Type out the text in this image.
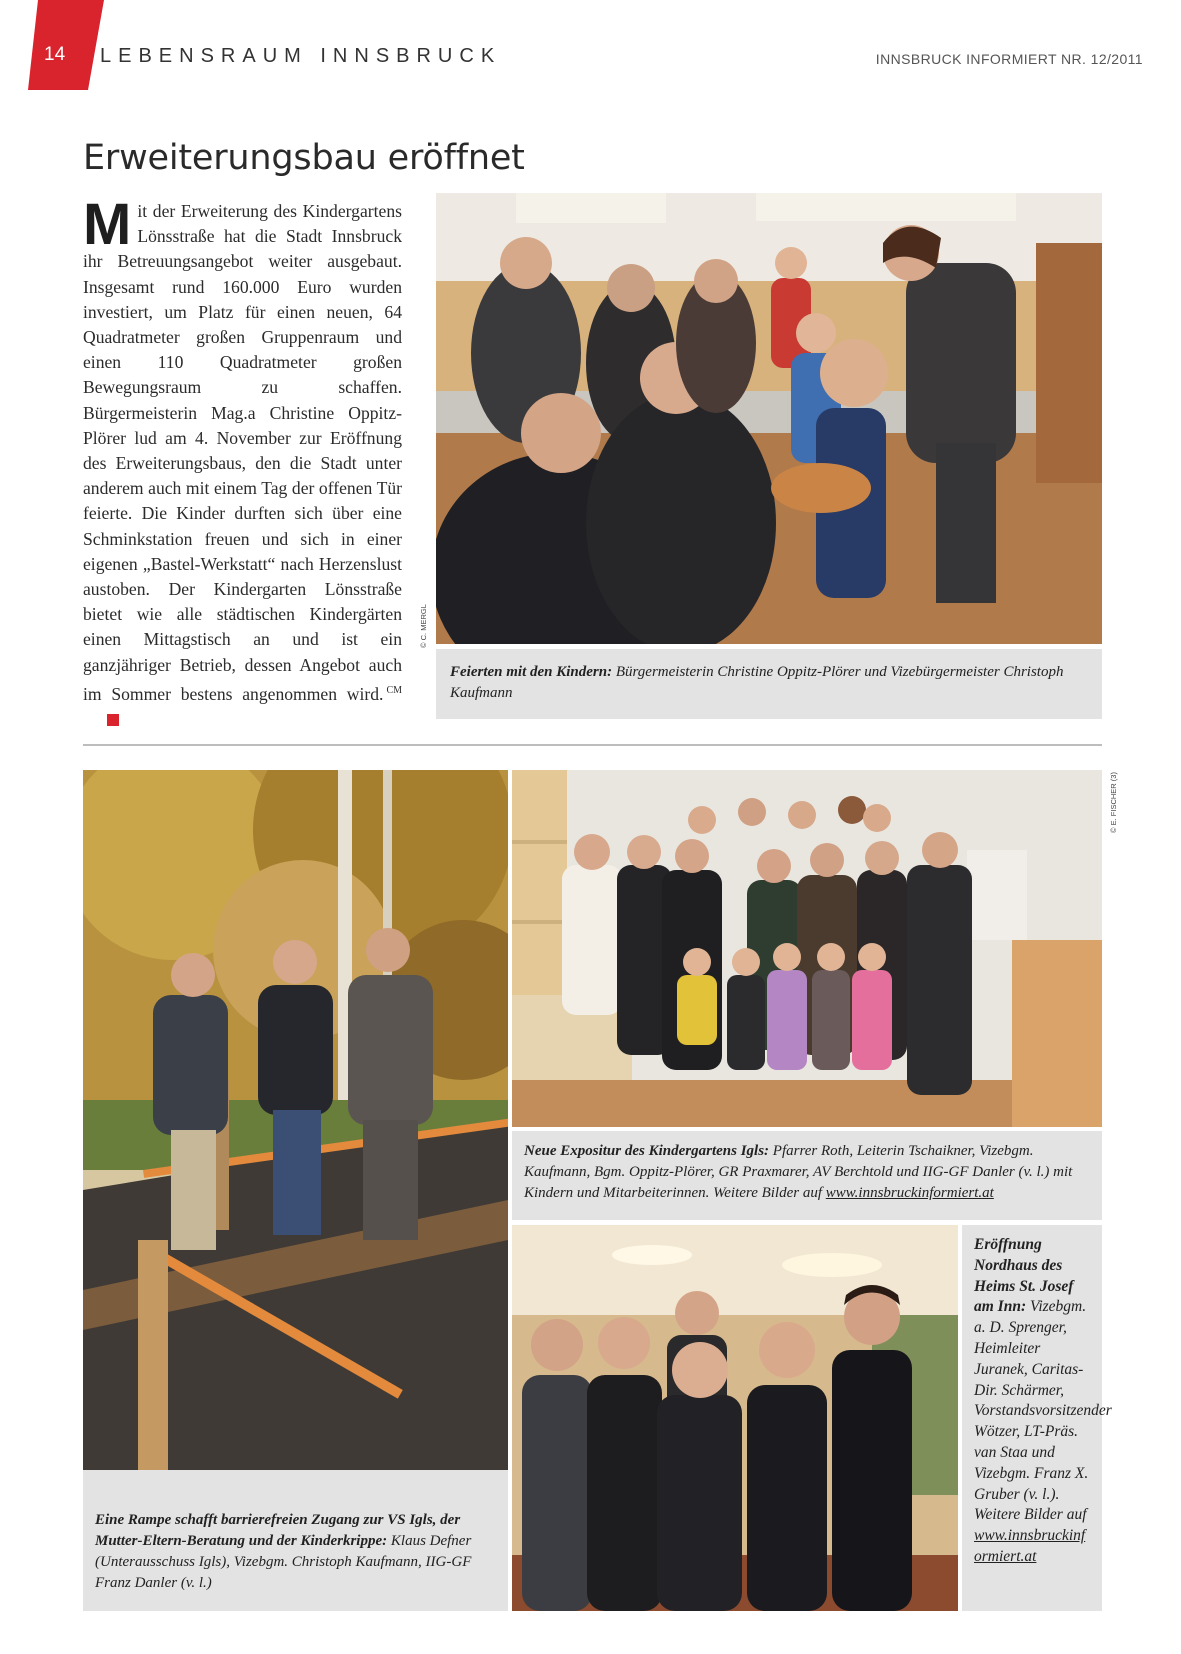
14	LEBENSRAUM INNSBRUCK	INNSBRUCK INFORMIERT NR. 12/2011
Erweiterungsbau eröffnet
Mit der Erweiterung des Kindergartens Lönsstraße hat die Stadt Innsbruck ihr Betreuungsangebot weiter ausgebaut. Insgesamt rund 160.000 Euro wurden investiert, um Platz für einen neuen, 64 Quadratmeter großen Gruppenraum und einen 110 Quadratmeter großen Bewegungsraum zu schaffen. Bürgermeisterin Mag.a Christine Oppitz-Plörer lud am 4. November zur Eröffnung des Erweiterungsbaus, den die Stadt unter anderem auch mit einem Tag der offenen Tür feierte. Die Kinder durften sich über eine Schminkstation freuen und sich in einer eigenen „Bastel-Werkstatt“ nach Herzenslust austoben. Der Kindergarten Lönsstraße bietet wie alle städtischen Kindergärten einen Mittagstisch an und ist ein ganzjähriger Betrieb, dessen Angebot auch im Sommer bestens angenommen wird. $^{CM}$
© C. MERGL
Feierten mit den Kindern: Bürgermeisterin Christine Oppitz-Plörer und Vizebürgermeister Christoph Kaufmann
Eine Rampe schafft barrierefreien Zugang zur VS Igls, der Mutter-Eltern-Beratung und der Kinderkrippe: Klaus Defner (Unterausschuss Igls), Vizebgm. Christoph Kaufmann, IIG-GF Franz Danler (v. l.)
© E. FISCHER (3)
Neue Expositur des Kindergartens Igls: Pfarrer Roth, Leiterin Tschaikner, Vizebgm. Kaufmann, Bgm. Oppitz-Plörer, GR Praxmarer, AV Berchtold und IIG-GF Danler (v. l.) mit Kindern und Mitarbeiterinnen. Weitere Bilder auf www.innsbruckinformiert.at
Eröffnung Nordhaus des Heims St. Josef am Inn: Vizebgm. a. D. Sprenger, Heimleiter Juranek, Caritas-Dir. Schärmer, Vorstandsvorsitzender Wötzer, LT-Präs. van Staa und Vizebgm. Franz X. Gruber (v. l.). Weitere Bilder auf www.innsbruckinformiert.at
